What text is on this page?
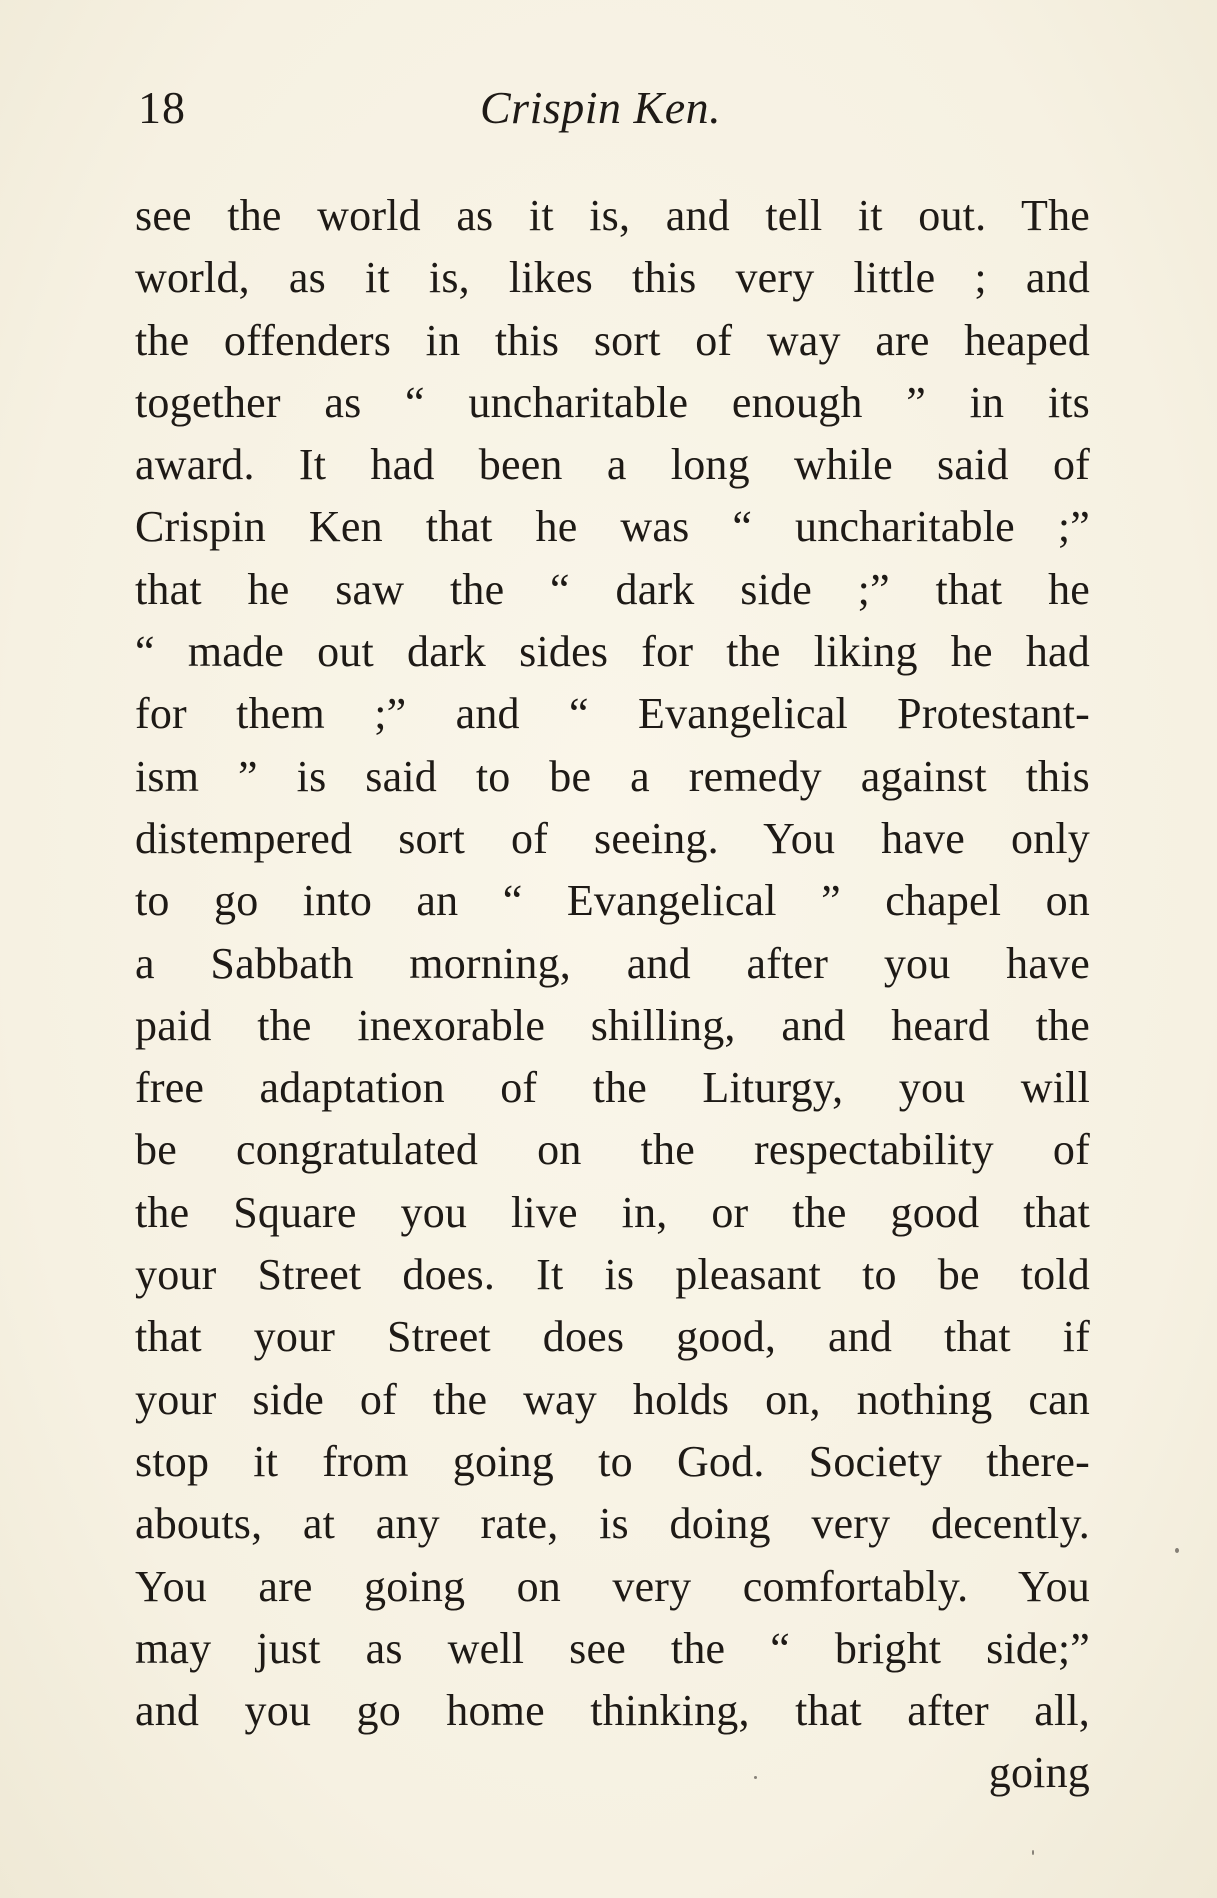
18	Crispin Ken.
see the world as it is, and tell it out. The
world, as it is, likes this very little ; and
the offenders in this sort of way are heaped
together as “ uncharitable enough ” in its
award. It had been a long while said of
Crispin Ken that he was “ uncharitable ;”
that he saw the “ dark side ;” that he
“ made out dark sides for the liking he had
for them ;” and “ Evangelical Protestant-
ism ” is said to be a remedy against this
distempered sort of seeing. You have only
to go into an “ Evangelical ” chapel on
a Sabbath morning, and after you have
paid the inexorable shilling, and heard the
free adaptation of the Liturgy, you will
be congratulated on the respectability of
the Square you live in, or the good that
your Street does. It is pleasant to be told
that your Street does good, and that if
your side of the way holds on, nothing can
stop it from going to God. Society there-
abouts, at any rate, is doing very decently.
You are going on very comfortably. You
may just as well see the “ bright side;”
and you go home thinking, that after all,
going
